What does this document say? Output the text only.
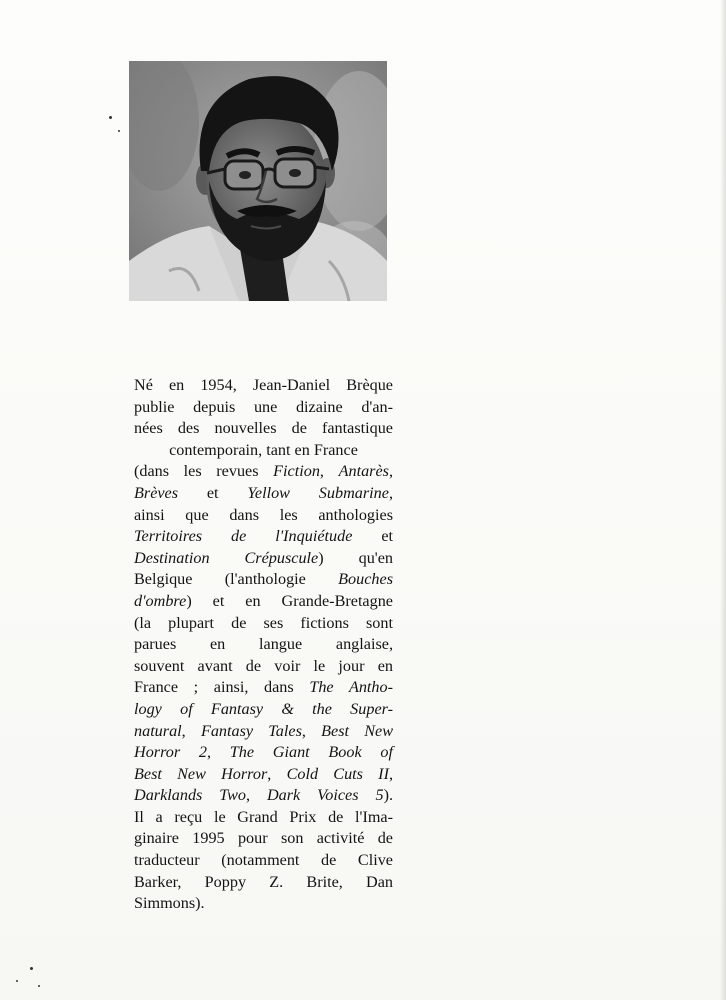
Né en 1954, Jean-Daniel Brèque
publie depuis une dizaine d'an-
nées des nouvelles de fantastique
contemporain, tant en France
(dans les revues Fiction, Antarès,
Brèves et Yellow Submarine,
ainsi que dans les anthologies
Territoires de l'Inquiétude et
Destination Crépuscule) qu'en
Belgique (l'anthologie Bouches
d'ombre) et en Grande-Bretagne
(la plupart de ses fictions sont
parues en langue anglaise,
souvent avant de voir le jour en
France ; ainsi, dans The Antho-
logy of Fantasy & the Super-
natural, Fantasy Tales, Best New
Horror 2, The Giant Book of
Best New Horror, Cold Cuts II,
Darklands Two, Dark Voices 5).
Il a reçu le Grand Prix de l'Ima-
ginaire 1995 pour son activité de
traducteur (notamment de Clive
Barker, Poppy Z. Brite, Dan
Simmons).
